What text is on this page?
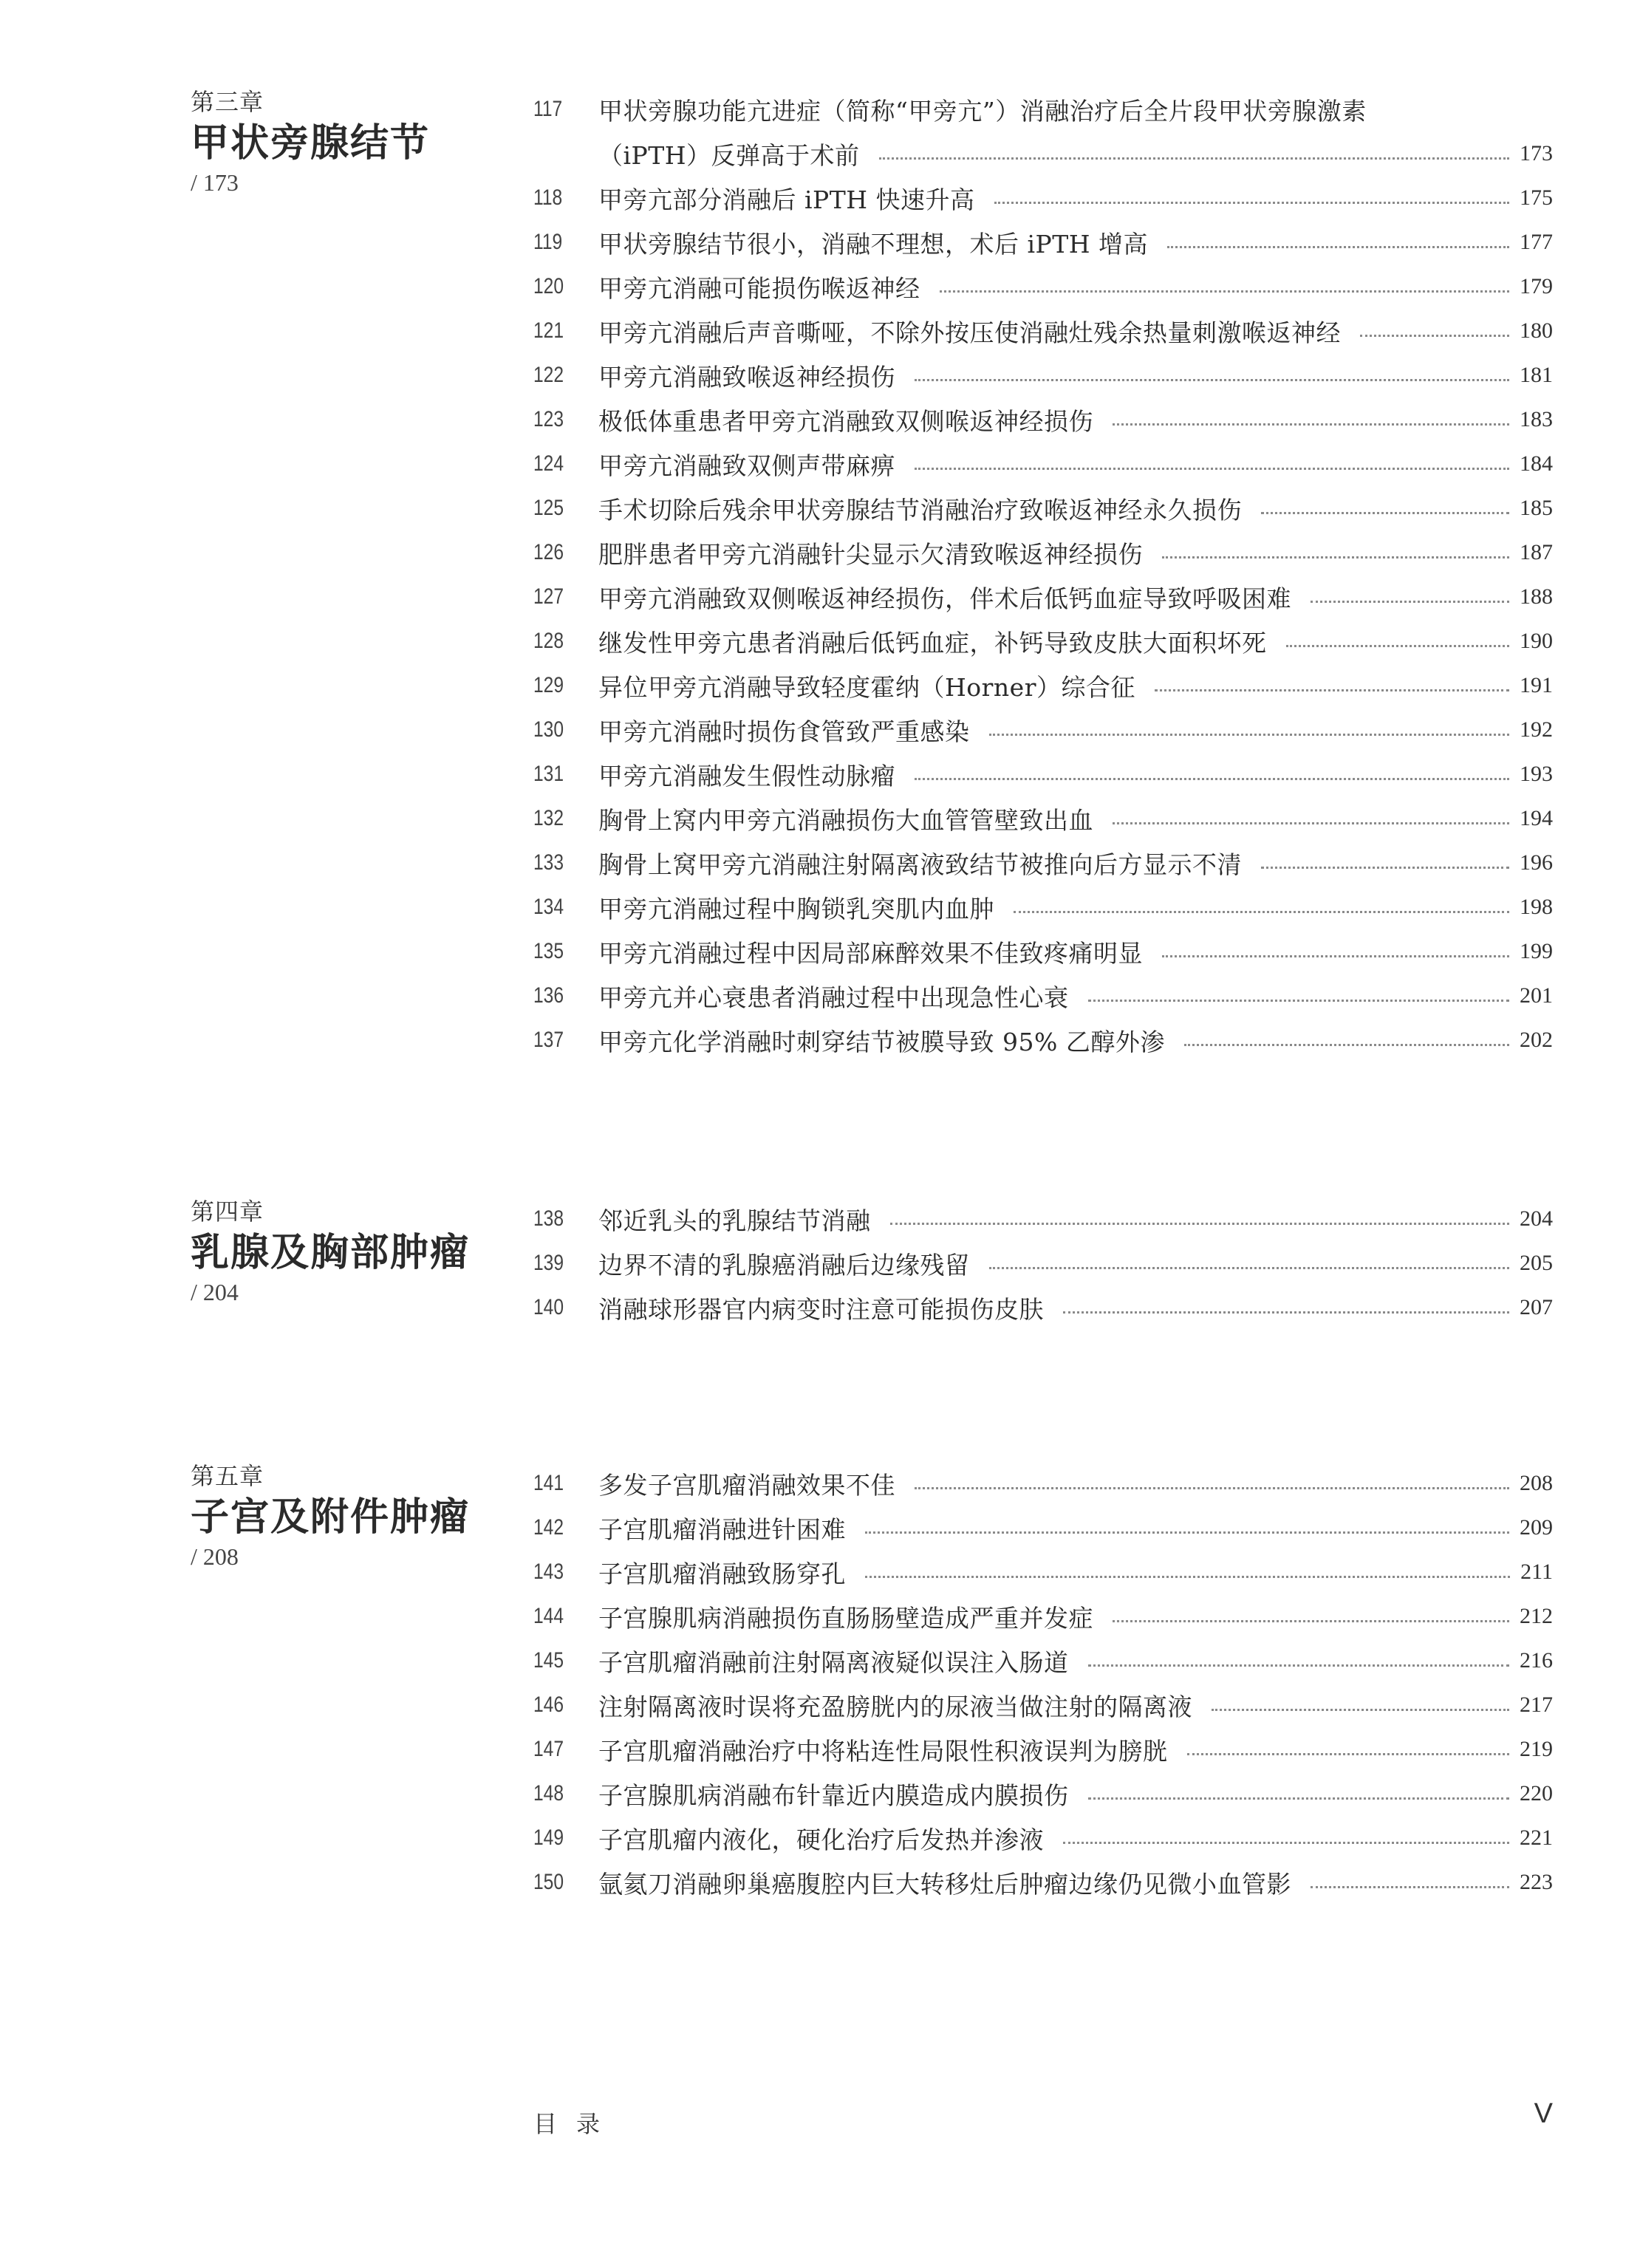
第三章
甲状旁腺结节
/ 173
117	甲状旁腺功能亢进症（简称“甲旁亢”）消融治疗后全片段甲状旁腺激素
（iPTH）反弹高于术前	173
118	甲旁亢部分消融后 iPTH 快速升高	175
119	甲状旁腺结节很小，消融不理想，术后 iPTH 增高	177
120	甲旁亢消融可能损伤喉返神经	179
121	甲旁亢消融后声音嘶哑，不除外按压使消融灶残余热量刺激喉返神经	180
122	甲旁亢消融致喉返神经损伤	181
123	极低体重患者甲旁亢消融致双侧喉返神经损伤	183
124	甲旁亢消融致双侧声带麻痹	184
125	手术切除后残余甲状旁腺结节消融治疗致喉返神经永久损伤	185
126	肥胖患者甲旁亢消融针尖显示欠清致喉返神经损伤	187
127	甲旁亢消融致双侧喉返神经损伤，伴术后低钙血症导致呼吸困难	188
128	继发性甲旁亢患者消融后低钙血症，补钙导致皮肤大面积坏死	190
129	异位甲旁亢消融导致轻度霍纳（Horner）综合征	191
130	甲旁亢消融时损伤食管致严重感染	192
131	甲旁亢消融发生假性动脉瘤	193
132	胸骨上窝内甲旁亢消融损伤大血管管壁致出血	194
133	胸骨上窝甲旁亢消融注射隔离液致结节被推向后方显示不清	196
134	甲旁亢消融过程中胸锁乳突肌内血肿	198
135	甲旁亢消融过程中因局部麻醉效果不佳致疼痛明显	199
136	甲旁亢并心衰患者消融过程中出现急性心衰	201
137	甲旁亢化学消融时刺穿结节被膜导致 95% 乙醇外渗	202
第四章
乳腺及胸部肿瘤
/ 204
138	邻近乳头的乳腺结节消融	204
139	边界不清的乳腺癌消融后边缘残留	205
140	消融球形器官内病变时注意可能损伤皮肤	207
第五章
子宫及附件肿瘤
/ 208
141	多发子宫肌瘤消融效果不佳	208
142	子宫肌瘤消融进针困难	209
143	子宫肌瘤消融致肠穿孔	211
144	子宫腺肌病消融损伤直肠肠壁造成严重并发症	212
145	子宫肌瘤消融前注射隔离液疑似误注入肠道	216
146	注射隔离液时误将充盈膀胱内的尿液当做注射的隔离液	217
147	子宫肌瘤消融治疗中将粘连性局限性积液误判为膀胱	219
148	子宫腺肌病消融布针靠近内膜造成内膜损伤	220
149	子宫肌瘤内液化，硬化治疗后发热并渗液	221
150	氩氦刀消融卵巢癌腹腔内巨大转移灶后肿瘤边缘仍见微小血管影	223
目录	V
